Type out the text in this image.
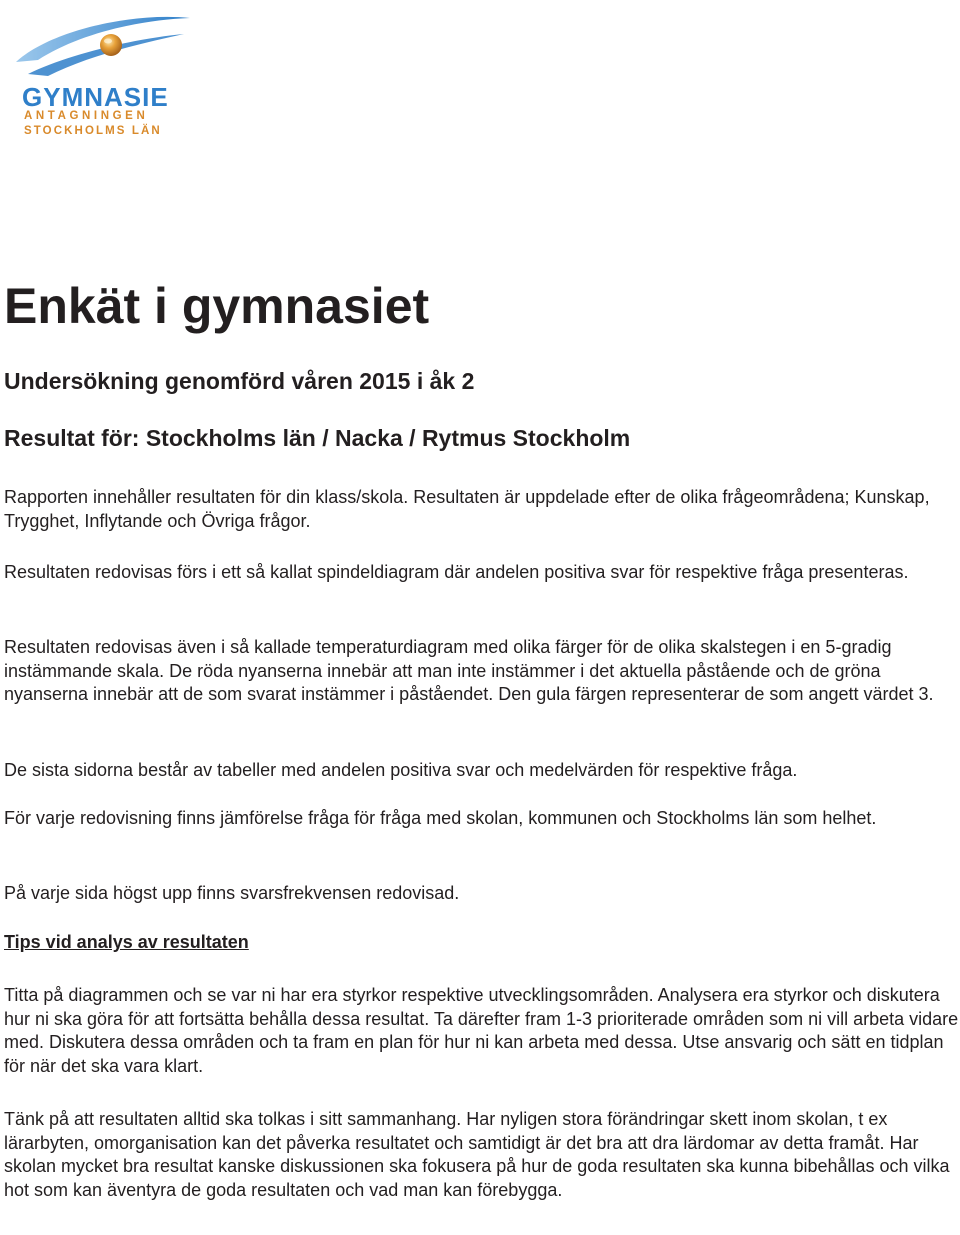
GYMNASIE
ANTAGNINGEN
STOCKHOLMS LÄN
Enkät i gymnasiet

Undersökning genomförd våren 2015 i åk 2

Resultat för: Stockholms län / Nacka / Rytmus Stockholm

Rapporten innehåller resultaten för din klass/skola. Resultaten är uppdelade efter de olika frågeområdena; Kunskap, Trygghet, Inflytande och Övriga frågor.

Resultaten redovisas förs i ett så kallat spindeldiagram där andelen positiva svar för respektive fråga presenteras.

Resultaten redovisas även i så kallade temperaturdiagram med olika färger för de olika skalstegen i en 5-gradig instämmande skala. De röda nyanserna innebär att man inte instämmer i det aktuella påstående och de gröna nyanserna innebär att de som svarat instämmer i påståendet. Den gula färgen representerar de som angett värdet 3.

De sista sidorna består av tabeller med andelen positiva svar och medelvärden för respektive fråga.

För varje redovisning finns jämförelse fråga för fråga med skolan, kommunen och Stockholms län som helhet.

På varje sida högst upp finns svarsfrekvensen redovisad.

Tips vid analys av resultaten

Titta på diagrammen och se var ni har era styrkor respektive utvecklingsområden. Analysera era styrkor och diskutera hur ni ska göra för att fortsätta behålla dessa resultat. Ta därefter fram 1-3 prioriterade områden som ni vill arbeta vidare med. Diskutera dessa områden och ta fram en plan för hur ni kan arbeta med dessa. Utse ansvarig och sätt en tidplan för när det ska vara klart.

Tänk på att resultaten alltid ska tolkas i sitt sammanhang. Har nyligen stora förändringar skett inom skolan, t ex lärarbyten, omorganisation kan det påverka resultatet och samtidigt är det bra att dra lärdomar av detta framåt. Har skolan mycket bra resultat kanske diskussionen ska fokusera på hur de goda resultaten ska kunna bibehållas och vilka hot som kan äventyra de goda resultaten och vad man kan förebygga.
